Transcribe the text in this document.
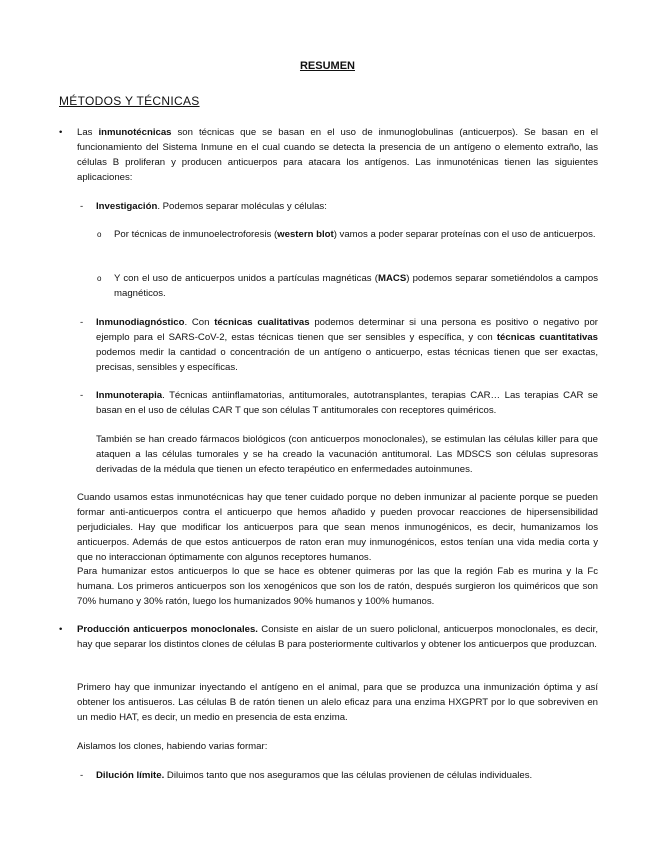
RESUMEN
MÉTODOS Y TÉCNICAS
• Las inmunotécnicas son técnicas que se basan en el uso de inmunoglobulinas (anticuerpos). Se basan en el funcionamiento del Sistema Inmune en el cual cuando se detecta la presencia de un antígeno o elemento extraño, las células B proliferan y producen anticuerpos para atacara los antígenos. Las inmunoténicas tienen las siguientes aplicaciones:
- Investigación. Podemos separar moléculas y células:
o Por técnicas de inmunoelectroforesis (western blot) vamos a poder separar proteínas con el uso de anticuerpos.
o Y con el uso de anticuerpos unidos a partículas magnéticas (MACS) podemos separar sometiéndolos a campos magnéticos.
- Inmunodiagnóstico. Con técnicas cualitativas podemos determinar si una persona es positivo o negativo por ejemplo para el SARS-CoV-2, estas técnicas tienen que ser sensibles y específica, y con técnicas cuantitativas podemos medir la cantidad o concentración de un antígeno o anticuerpo, estas técnicas tienen que ser exactas, precisas, sensibles y específicas.
- Inmunoterapia. Técnicas antiinflamatorias, antitumorales, autotransplantes, terapias CAR… Las terapias CAR se basan en el uso de células CAR T que son células T antitumorales con receptores quiméricos.
También se han creado fármacos biológicos (con anticuerpos monoclonales), se estimulan las células killer para que ataquen a las células tumorales y se ha creado la vacunación antitumoral. Las MDSCS son células supresoras derivadas de la médula que tienen un efecto terapéutico en enfermedades autoinmunes.
Cuando usamos estas inmunotécnicas hay que tener cuidado porque no deben inmunizar al paciente porque se pueden formar anti-anticuerpos contra el anticuerpo que hemos añadido y pueden provocar reacciones de hipersensibilidad perjudiciales. Hay que modificar los anticuerpos para que sean menos inmunogénicos, es decir, humanizamos los anticuerpos. Además de que estos anticuerpos de raton eran muy inmunogénicos, estos tenían una vida media corta y que no interaccionan óptimamente con algunos receptores humanos.
Para humanizar estos anticuerpos lo que se hace es obtener quimeras por las que la región Fab es murina y la Fc humana. Los primeros anticuerpos son los xenogénicos que son los de ratón, después surgieron los quiméricos que son 70% humano y 30% ratón, luego los humanizados 90% humanos y 100% humanos.
• Producción anticuerpos monoclonales. Consiste en aislar de un suero policlonal, anticuerpos monoclonales, es decir, hay que separar los distintos clones de células B para posteriormente cultivarlos y obtener los anticuerpos que produzcan.
Primero hay que inmunizar inyectando el antígeno en el animal, para que se produzca una inmunización óptima y así obtener los antisueros. Las células B de ratón tienen un alelo eficaz para una enzima HXGPRT por lo que sobreviven en un medio HAT, es decir, un medio en presencia de esta enzima.
Aislamos los clones, habiendo varias formar:
- Dilución límite. Diluimos tanto que nos aseguramos que las células provienen de células individuales.
